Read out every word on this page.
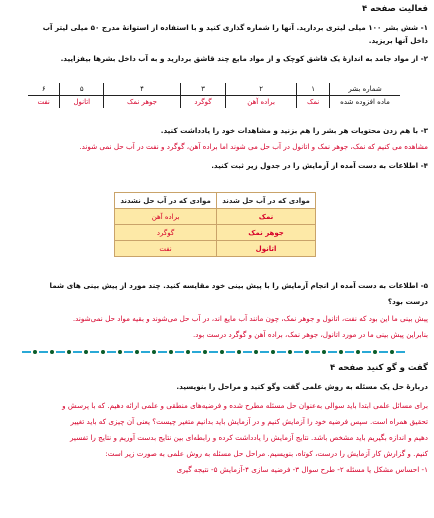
فعالیت صفحه ۴
۱- شش بشر ۱۰۰ میلی لیتری بردارید. آنها را شماره گذاری کنید و با استفاده از استوانهٔ مدرج ۵۰ میلی لیتر آب
داخل آنها بریزید.
۲- از مواد جامد به اندازهٔ یک قاشق کوچک و از مواد مایع چند قاشق بردارید و به آب داخل بشرها بیفزایید.
شماره بشر	۱	۲	۳	۴	۵	۶
ماده افزوده شده	نمک	براده آهن	گوگرد	جوهر نمک	اتانول	نفت
۳- با هم زدن محتویات هر بشر را هم بزنید و مشاهدات خود را یادداشت کنید.
مشاهده می کنیم که نمک، جوهر نمک و اتانول در آب حل می شوند اما براده آهن، گوگرد و نفت در آب حل نمی شوند.
۴- اطلاعات به دست آمده از آزمایش را در جدول زیر ثبت کنید.
مواد‌ی که در آب حل شدند	مواد‌ی که در آب حل نشدند
نمک	براده آهن
جوهر نمک	گوگرد
اتانول	نفت
۵- اطلاعات به دست آمده از انجام آزمایش را با پیش بینی خود مقایسه کنید. چند مورد از پیش بینی های شما
درست بود؟
پیش بینی ما این بود که نفت، اتانول و جوهر نمک، چون مانند آب مایع اند، در آب حل می‌شوند و بقیه مواد حل نمی‌شوند.
بنابراین پیش بینی ما در مورد اتانول، جوهر نمک، براده آهن و گوگرد درست بود.
گفت و گو کنید صفحه ۴
دربارهٔ حل یک مسئله به روش علمی گفت وگو کنید و مراحل را بنویسید.
برای مسائل علمی ابتدا باید سوالی به‌عنوان حل مسئله مطرح شده و فرضیه‌های منطقی و علمی ارائه دهیم. که با پرسش و
تحقیق همراه است. سپس فرضیه خود را آزمایش کنیم و در آزمایش باید بدانیم متغیر چیست؟ یعنی آن چیزی که باید تغییر
دهیم و اندازه بگیریم باید مشخص باشد. نتایج آزمایش را یادداشت کرده و رابطه‌ای بین نتایج بدست آوریم و نتایج را تفسیر
کنیم. و گزارش کار آزمایش را درست، کوتاه، بنویسیم. مراحل حل مسئله به روش علمی به صورت زیر است:
۱- احساس مشکل یا مسئله ۲- طرح سوال ۳- فرضیه سازی ۴-آزمایش ۵- نتیجه گیری
